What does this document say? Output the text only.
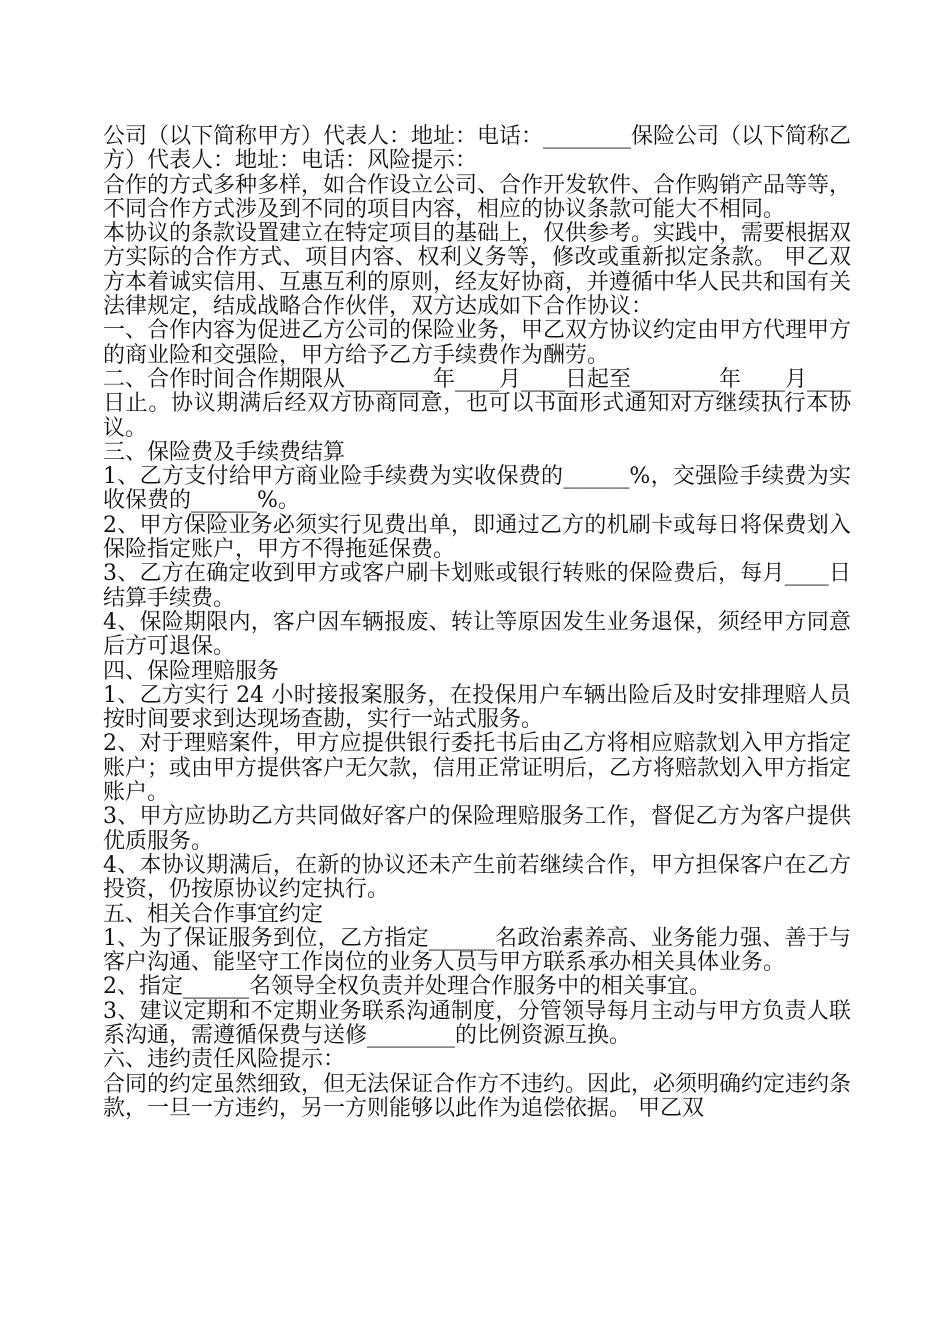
公司（以下简称甲方）代表人：地址：电话：________保险公司（以下简称乙方）代表人：地址：电话：风险提示：

合作的方式多种多样，如合作设立公司、合作开发软件、合作购销产品等等，不同合作方式涉及到不同的项目内容，相应的协议条款可能大不相同。

本协议的条款设置建立在特定项目的基础上，仅供参考。实践中，需要根据双方实际的合作方式、项目内容、权利义务等，修改或重新拟定条款。 甲乙双方本着诚实信用、互惠互利的原则，经友好协商，并遵循中华人民共和国有关法律规定，结成战略合作伙伴，双方达成如下合作协议：

一、合作内容为促进乙方公司的保险业务，甲乙双方协议约定由甲方代理甲方的商业险和交强险，甲方给予乙方手续费作为酬劳。

二、合作时间合作期限从________年____月____日起至________年____月____日止。协议期满后经双方协商同意，也可以书面形式通知对方继续执行本协议。

三、保险费及手续费结算

1、乙方支付给甲方商业险手续费为实收保费的______%，交强险手续费为实收保费的______%。

2、甲方保险业务必须实行见费出单，即通过乙方的机刷卡或每日将保费划入保险指定账户，甲方不得拖延保费。

3、乙方在确定收到甲方或客户刷卡划账或银行转账的保险费后，每月____日结算手续费。

4、保险期限内，客户因车辆报废、转让等原因发生业务退保，须经甲方同意后方可退保。

四、保险理赔服务

1、乙方实行 24 小时接报案服务，在投保用户车辆出险后及时安排理赔人员按时间要求到达现场查勘，实行一站式服务。

2、对于理赔案件，甲方应提供银行委托书后由乙方将相应赔款划入甲方指定账户；或由甲方提供客户无欠款，信用正常证明后，乙方将赔款划入甲方指定账户。

3、甲方应协助乙方共同做好客户的保险理赔服务工作，督促乙方为客户提供优质服务。

4、本协议期满后，在新的协议还未产生前若继续合作，甲方担保客户在乙方投资，仍按原协议约定执行。

五、相关合作事宜约定

1、为了保证服务到位，乙方指定______名政治素养高、业务能力强、善于与客户沟通、能坚守工作岗位的业务人员与甲方联系承办相关具体业务。

2、指定______名领导全权负责并处理合作服务中的相关事宜。

3、建议定期和不定期业务联系沟通制度，分管领导每月主动与甲方负责人联系沟通，需遵循保费与送修________的比例资源互换。

六、违约责任风险提示：

合同的约定虽然细致，但无法保证合作方不违约。因此，必须明确约定违约条款，一旦一方违约，另一方则能够以此作为追偿依据。 甲乙双
